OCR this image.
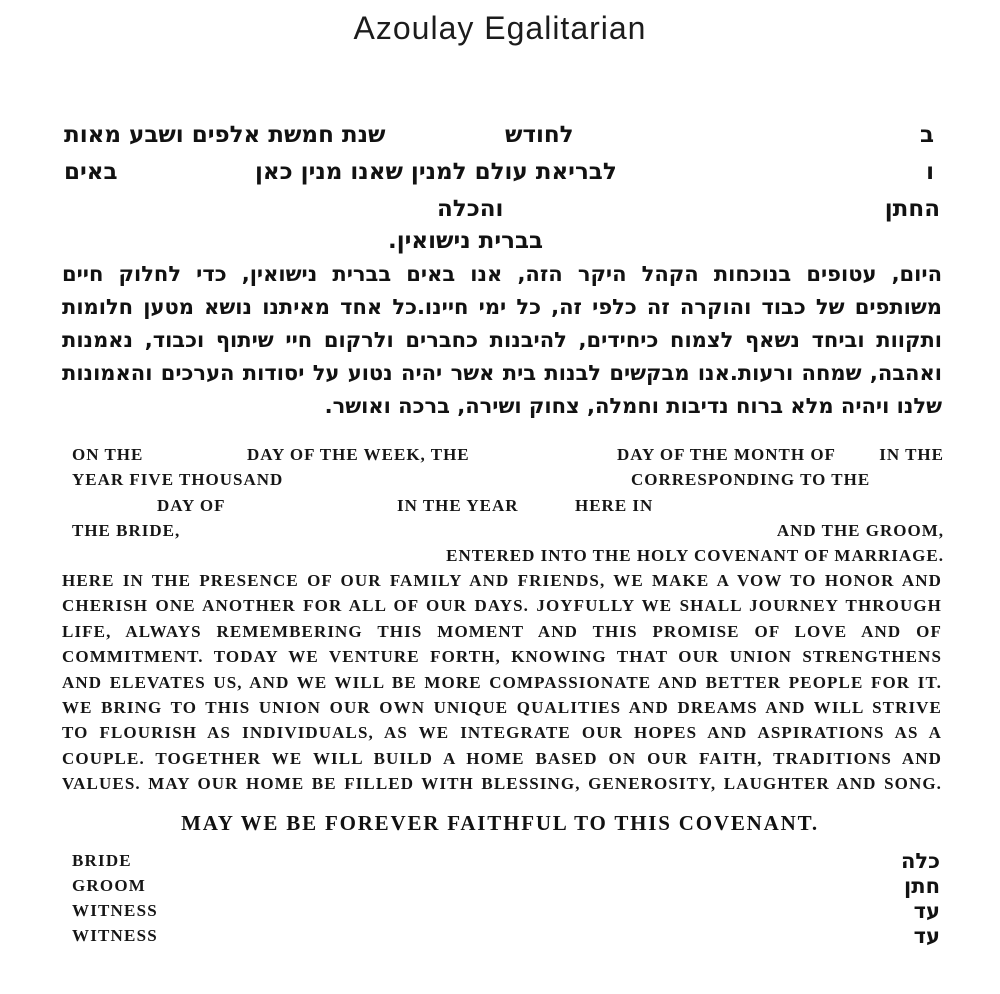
Azoulay Egalitarian
ב
לחודש
שנת חמשת אלפים ושבע מאות
ו
לבריאת עולם למנין שאנו מנין כאן
באים
החתן
והכלה
בברית נישואין.
היום, עטופים בנוכחות הקהל היקר הזה, אנו באים בברית נישואין, כדי לחלוק חיים משותפים של כבוד והוקרה זה כלפי זה, כל ימי חיינו.כל אחד מאיתנו נושא מטען חלומות ותקוות וביחד נשאף לצמוח כיחידים, להיבנות כחברים ולרקום חיי שיתוף וכבוד, נאמנות ואהבה, שמחה ורעות.אנו מבקשים לבנות בית אשר יהיה נטוע על יסודות הערכים והאמונות שלנו ויהיה מלא ברוח נדיבות וחמלה, צחוק ושירה, ברכה ואושר.
ON THE	DAY OF THE WEEK, THE	DAY OF THE MONTH OF	IN THE
YEAR FIVE THOUSAND	CORRESPONDING TO THE
DAY OF	IN THE YEAR	HERE IN
THE BRIDE,	AND THE GROOM,
ENTERED INTO THE HOLY COVENANT OF MARRIAGE.
HERE IN THE PRESENCE OF OUR FAMILY AND FRIENDS, WE MAKE A VOW TO HONOR AND CHERISH ONE ANOTHER FOR ALL OF OUR DAYS. JOYFULLY WE SHALL JOURNEY THROUGH LIFE, ALWAYS REMEMBERING THIS MOMENT AND THIS PROMISE OF LOVE AND OF COMMITMENT. TODAY WE VENTURE FORTH, KNOWING THAT OUR UNION STRENGTHENS AND ELEVATES US, AND WE WILL BE MORE COMPASSIONATE AND BETTER PEOPLE FOR IT. WE BRING TO THIS UNION OUR OWN UNIQUE QUALITIES AND DREAMS AND WILL STRIVE TO FLOURISH AS INDIVIDUALS, AS WE INTEGRATE OUR HOPES AND ASPIRATIONS AS A COUPLE. TOGETHER WE WILL BUILD A HOME BASED ON OUR FAITH, TRADITIONS AND VALUES. MAY OUR HOME BE FILLED WITH BLESSING, GENEROSITY, LAUGHTER AND SONG.
MAY WE BE FOREVER FAITHFUL TO THIS COVENANT.
BRIDE	כלה
GROOM	חתן
WITNESS	עד
WITNESS	עד
